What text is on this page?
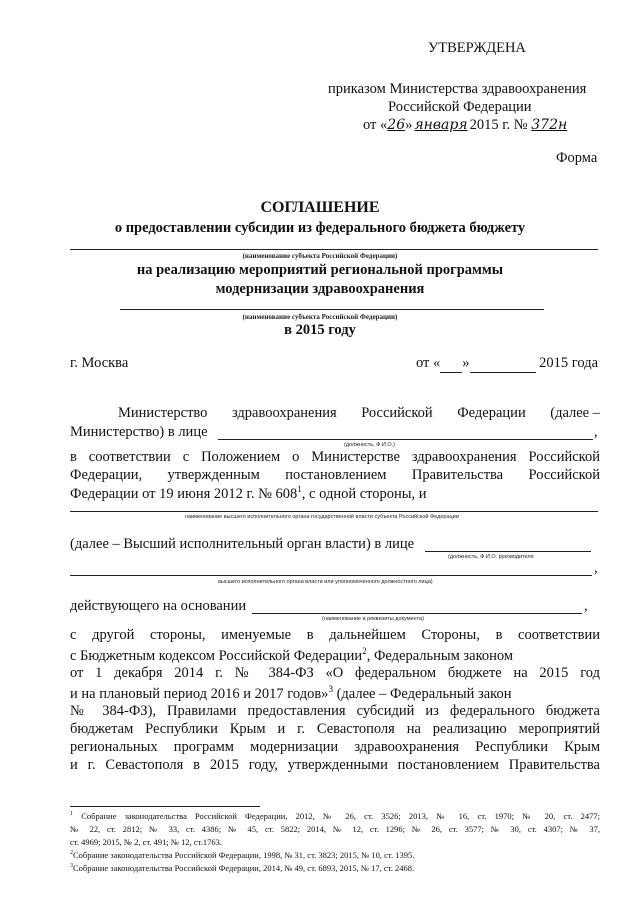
УТВЕРЖДЕНА
приказом Министерства здравоохранения
Российской Федерации
от «26» января 2015 г. № 372н
Форма
СОГЛАШЕНИЕ
о предоставлении субсидии из федерального бюджета бюджету
(наименование субъекта Российской Федерации)
на реализацию мероприятий региональной программы
модернизации здравоохранения
(наименование субъекта Российской Федерации)
в 2015 году
г. Москва	от « »	2015 года
Министерство здравоохранения Российской Федерации (далее –
Министерство) в лице	,
(должность, Ф.И.О.)
в соответствии с Положением о Министерстве здравоохранения Российской
Федерации, утвержденным постановлением Правительства Российской
Федерации от 19 июня 2012 г. № $608^1$, с одной стороны, и
наименование высшего исполнительного органа государственной власти субъекта Российской Федерации
(далее – Высший исполнительный орган власти) в лице
(должность, Ф.И.О. руководителя
,
высшего исполнительного органа власти или уполномоченного должностного лица)
действующего на основании	,
(наименование и реквизиты документа)
с другой стороны, именуемые в дальнейшем Стороны, в соответствии
с Бюджетным кодексом Российской Федерации$^2$, Федеральным законом
от 1 декабря 2014 г. № 384-ФЗ «О федеральном бюджете на 2015 год
и на плановый период 2016 и 2017 годов»$^3$ (далее – Федеральный закон
№ 384-ФЗ), Правилами предоставления субсидий из федерального бюджета
бюджетам Республики Крым и г. Севастополя на реализацию мероприятий
региональных программ модернизации здравоохранения Республики Крым
и г. Севастополя в 2015 году, утвержденными постановлением Правительства
$^1$ Собрание законодательства Российской Федерации, 2012, № 26, ст. 3526; 2013, № 16, ст. 1970; № 20, ст. 2477;
№ 22, ст. 2812; № 33, ст. 4386; № 45, ст. 5822; 2014, № 12, ст. 1296; № 26, ст. 3577; № 30, ст. 4307; № 37,
ст. 4969; 2015, № 2, ст. 491; № 12, ст.1763.
$^2$Собрание законодательства Российской Федерации, 1998, № 31, ст. 3823; 2015, № 10, ст. 1395.
$^3$Собрание законодательства Российской Федерации, 2014, № 49, ст. 6893, 2015, № 17, ст. 2468.
